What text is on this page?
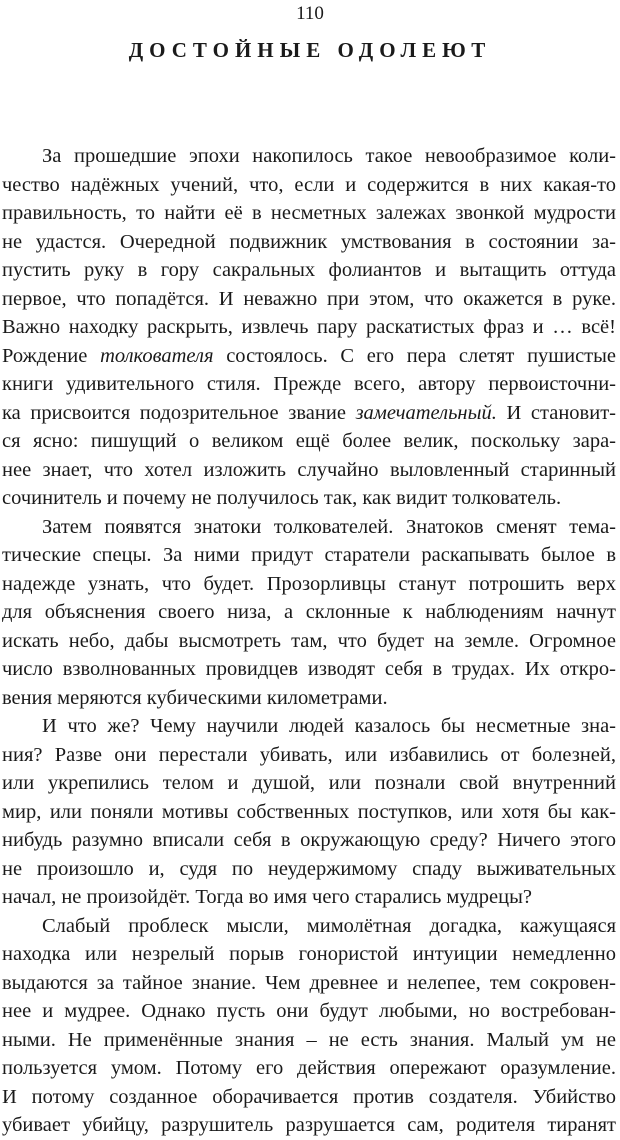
110
ДОСТОЙНЫЕ ОДОЛЕЮТ
За прошедшие эпохи накопилось такое невообразимое коли-
чество надёжных учений, что, если и содержится в них какая-то
правильность, то найти её в несметных залежах звонкой мудрости
не удастся. Очередной подвижник умствования в состоянии за-
пустить руку в гору сакральных фолиантов и вытащить оттуда
первое, что попадётся. И неважно при этом, что окажется в руке.
Важно находку раскрыть, извлечь пару раскатистых фраз и … всё!
Рождение толкователя состоялось. С его пера слетят пушистые
книги удивительного стиля. Прежде всего, автору первоисточни-
ка присвоится подозрительное звание замечательный. И становит-
ся ясно: пишущий о великом ещё более велик, поскольку зара-
нее знает, что хотел изложить случайно выловленный старинный
сочинитель и почему не получилось так, как видит толкователь.
Затем появятся знатоки толкователей. Знатоков сменят тема-
тические спецы. За ними придут старатели раскапывать былое в
надежде узнать, что будет. Прозорливцы станут потрошить верх
для объяснения своего низа, а склонные к наблюдениям начнут
искать небо, дабы высмотреть там, что будет на земле. Огромное
число взволнованных провидцев изводят себя в трудах. Их откро-
вения меряются кубическими километрами.
И что же? Чему научили людей казалось бы несметные зна-
ния? Разве они перестали убивать, или избавились от болезней,
или укрепились телом и душой, или познали свой внутренний
мир, или поняли мотивы собственных поступков, или хотя бы как-
нибудь разумно вписали себя в окружающую среду? Ничего этого
не произошло и, судя по неудержимому спаду выживательных
начал, не произойдёт. Тогда во имя чего старались мудрецы?
Слабый проблеск мысли, мимолётная догадка, кажущаяся
находка или незрелый порыв гонористой интуиции немедленно
выдаются за тайное знание. Чем древнее и нелепее, тем сокровен-
нее и мудрее. Однако пусть они будут любыми, но востребован-
ными. Не применённые знания – не есть знания. Малый ум не
пользуется умом. Потому его действия опережают оразумление.
И потому созданное оборачивается против создателя. Убийство
убивает убийцу, разрушитель разрушается сам, родителя тиранят
